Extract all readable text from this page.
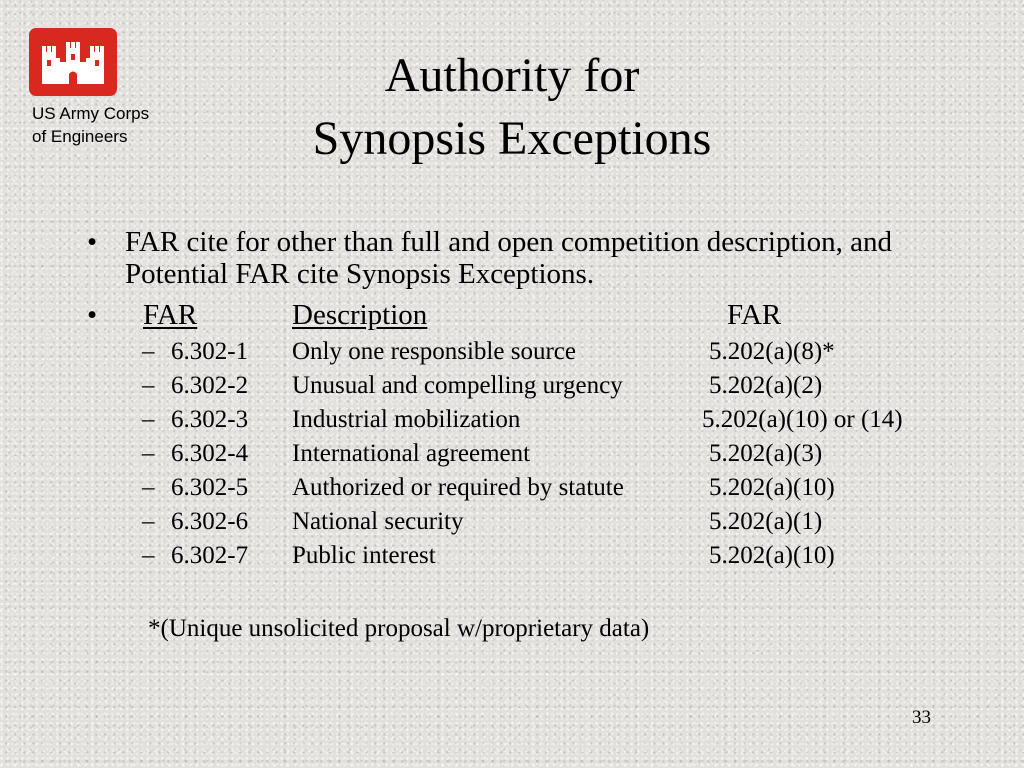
US Army Corps
of Engineers
Authority for
Synopsis Exceptions
• FAR cite for other than full and open competition description, and Potential FAR cite Synopsis Exceptions.
• FAR	Description	FAR
– 6.302-1 Only one responsible source	5.202(a)(8)*
– 6.302-2 Unusual and compelling urgency	5.202(a)(2)
– 6.302-3 Industrial mobilization	5.202(a)(10) or (14)
– 6.302-4 International agreement	5.202(a)(3)
– 6.302-5 Authorized or required by statute	5.202(a)(10)
– 6.302-6 National security	5.202(a)(1)
– 6.302-7 Public interest	5.202(a)(10)
*(Unique unsolicited proposal w/proprietary data)
33
